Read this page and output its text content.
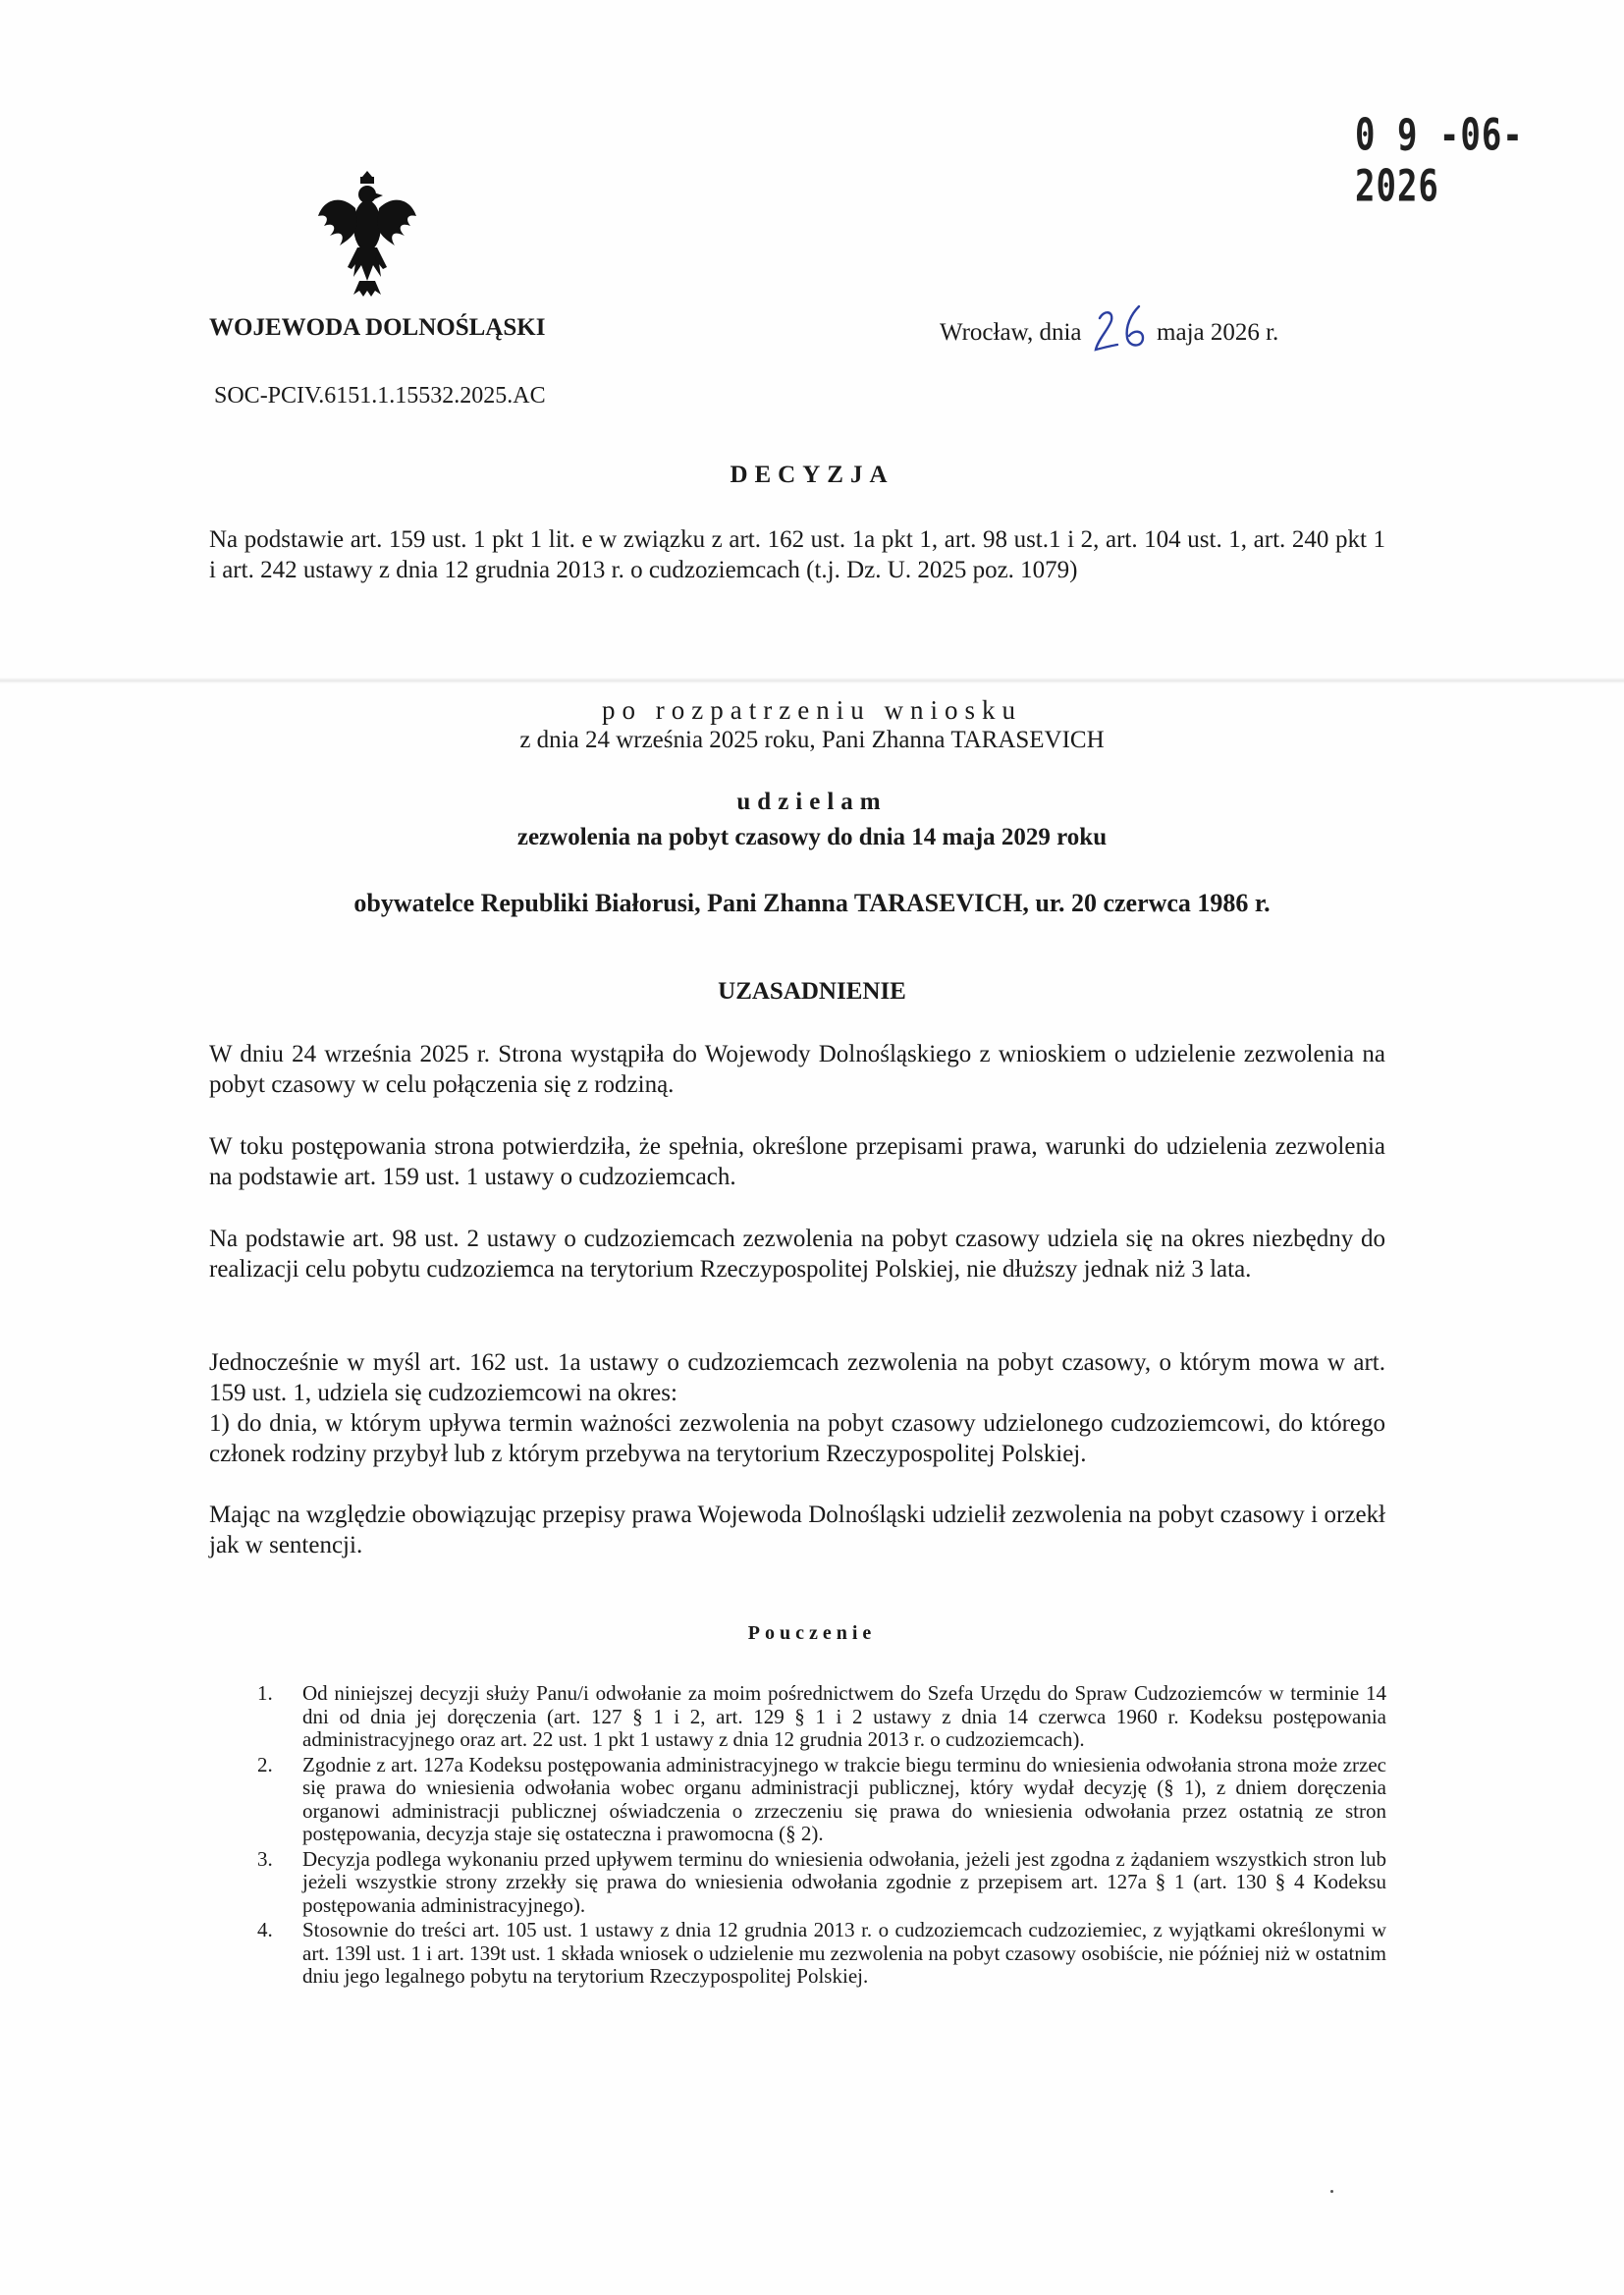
0 9 -06- 2026
WOJEWODA DOLNOŚLĄSKI	Wrocław, dnia	maja 2026 r.
SOC-PCIV.6151.1.15532.2025.AC
DECYZJA
Na podstawie art. 159 ust. 1 pkt 1 lit. e w związku z art. 162 ust. 1a pkt 1, art. 98 ust.1 i 2, art. 104 ust. 1, art. 240 pkt 1 i art. 242 ustawy z dnia 12 grudnia 2013 r. o cudzoziemcach (t.j. Dz. U. 2025 poz. 1079)
po rozpatrzeniu wniosku
z dnia 24 września 2025 roku, Pani Zhanna TARASEVICH
udzielam
zezwolenia na pobyt czasowy do dnia 14 maja 2029 roku
obywatelce Republiki Białorusi, Pani Zhanna TARASEVICH, ur. 20 czerwca 1986 r.
UZASADNIENIE
W dniu 24 września 2025 r. Strona wystąpiła do Wojewody Dolnośląskiego z wnioskiem o udzielenie zezwolenia na pobyt czasowy w celu połączenia się z rodziną.
W toku postępowania strona potwierdziła, że spełnia, określone przepisami prawa, warunki do udzielenia zezwolenia na podstawie art. 159 ust. 1 ustawy o cudzoziemcach.
Na podstawie art. 98 ust. 2 ustawy o cudzoziemcach zezwolenia na pobyt czasowy udziela się na okres niezbędny do realizacji celu pobytu cudzoziemca na terytorium Rzeczypospolitej Polskiej, nie dłuższy jednak niż 3 lata.
Jednocześnie w myśl art. 162 ust. 1a ustawy o cudzoziemcach zezwolenia na pobyt czasowy, o którym mowa w art. 159 ust. 1, udziela się cudzoziemcowi na okres:
1) do dnia, w którym upływa termin ważności zezwolenia na pobyt czasowy udzielonego cudzoziemcowi, do którego członek rodziny przybył lub z którym przebywa na terytorium Rzeczypospolitej Polskiej.
Mając na względzie obowiązując przepisy prawa Wojewoda Dolnośląski udzielił zezwolenia na pobyt czasowy i orzekł jak w sentencji.
Pouczenie
1. Od niniejszej decyzji służy Panu/i odwołanie za moim pośrednictwem do Szefa Urzędu do Spraw Cudzoziemców w terminie 14 dni od dnia jej doręczenia (art. 127 § 1 i 2, art. 129 § 1 i 2 ustawy z dnia 14 czerwca 1960 r. Kodeksu postępowania administracyjnego oraz art. 22 ust. 1 pkt 1 ustawy z dnia 12 grudnia 2013 r. o cudzoziemcach).
2. Zgodnie z art. 127a Kodeksu postępowania administracyjnego w trakcie biegu terminu do wniesienia odwołania strona może zrzec się prawa do wniesienia odwołania wobec organu administracji publicznej, który wydał decyzję (§ 1), z dniem doręczenia organowi administracji publicznej oświadczenia o zrzeczeniu się prawa do wniesienia odwołania przez ostatnią ze stron postępowania, decyzja staje się ostateczna i prawomocna (§ 2).
3. Decyzja podlega wykonaniu przed upływem terminu do wniesienia odwołania, jeżeli jest zgodna z żądaniem wszystkich stron lub jeżeli wszystkie strony zrzekły się prawa do wniesienia odwołania zgodnie z przepisem art. 127a § 1 (art. 130 § 4 Kodeksu postępowania administracyjnego).
4. Stosownie do treści art. 105 ust. 1 ustawy z dnia 12 grudnia 2013 r. o cudzoziemcach cudzoziemiec, z wyjątkami określonymi w art. 139l ust. 1 i art. 139t ust. 1 składa wniosek o udzielenie mu zezwolenia na pobyt czasowy osobiście, nie później niż w ostatnim dniu jego legalnego pobytu na terytorium Rzeczypospolitej Polskiej.
